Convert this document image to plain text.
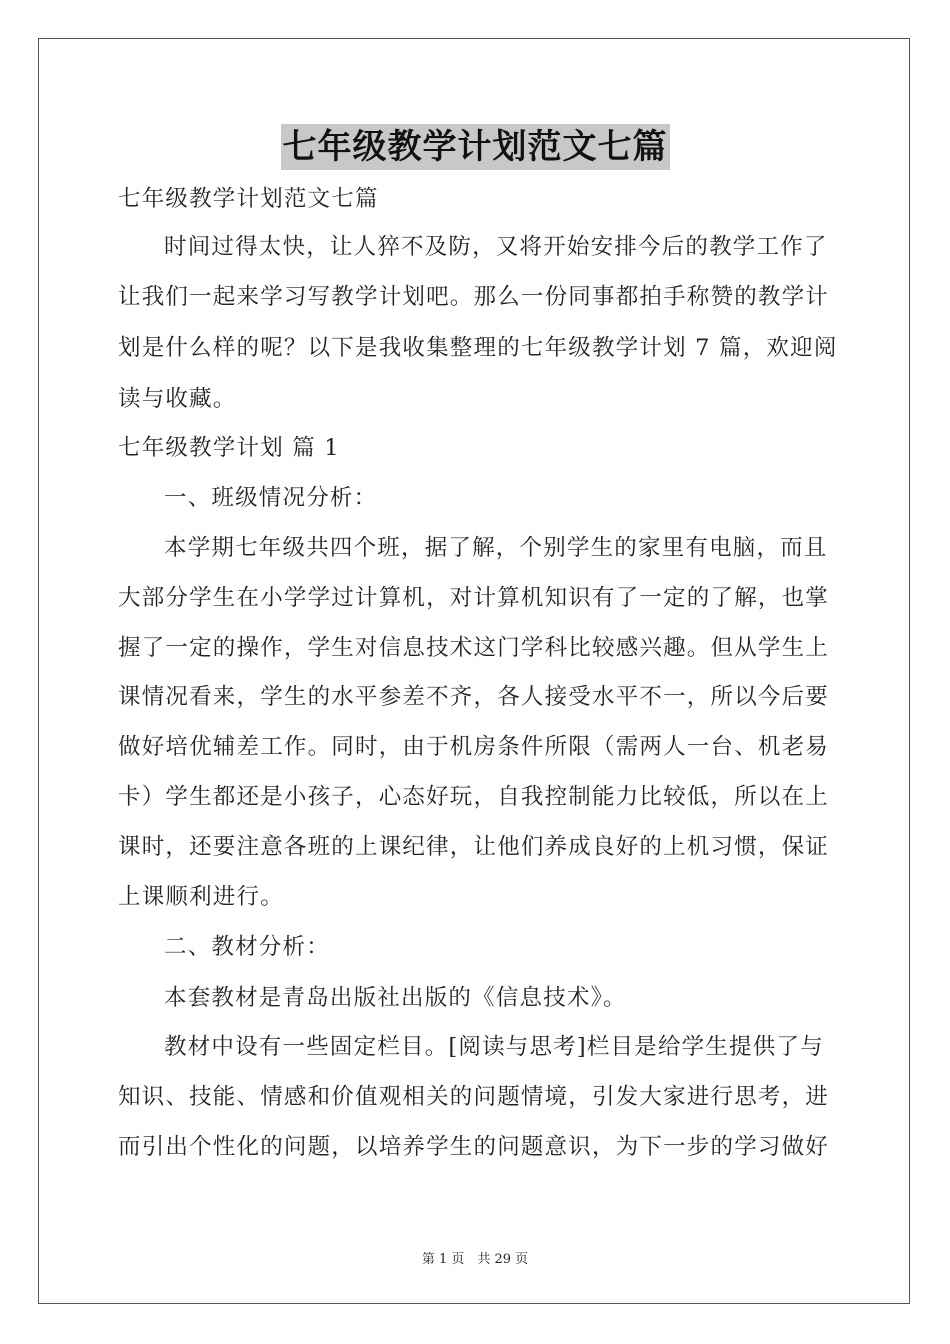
七年级教学计划范文七篇
七年级教学计划范文七篇
时间过得太快，让人猝不及防，又将开始安排今后的教学工作了
让我们一起来学习写教学计划吧。那么一份同事都拍手称赞的教学计
划是什么样的呢？以下是我收集整理的七年级教学计划 7 篇，欢迎阅
读与收藏。
七年级教学计划 篇 1
一、班级情况分析：
本学期七年级共四个班，据了解，个别学生的家里有电脑，而且
大部分学生在小学学过计算机，对计算机知识有了一定的了解，也掌
握了一定的操作，学生对信息技术这门学科比较感兴趣。但从学生上
课情况看来，学生的水平参差不齐，各人接受水平不一，所以今后要
做好培优辅差工作。同时，由于机房条件所限（需两人一台、机老易
卡）学生都还是小孩子，心态好玩，自我控制能力比较低，所以在上
课时，还要注意各班的上课纪律，让他们养成良好的上机习惯，保证
上课顺利进行。
二、教材分析：
本套教材是青岛出版社出版的《信息技术》。
教材中设有一些固定栏目。[阅读与思考]栏目是给学生提供了与
知识、技能、情感和价值观相关的问题情境，引发大家进行思考，进
而引出个性化的问题，以培养学生的问题意识，为下一步的学习做好
第 1 页　共 29 页
